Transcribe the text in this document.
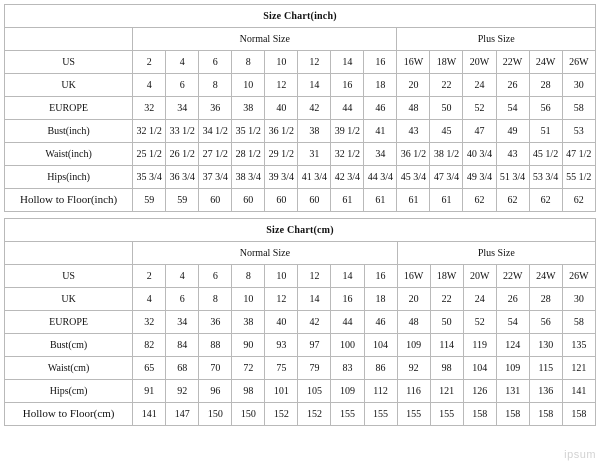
Size Chart(inch)														
	Normal Size								Plus Size					
US	2	4	6	8	10	12	14	16	16W	18W	20W	22W	24W	26W
UK	4	6	8	10	12	14	16	18	20	22	24	26	28	30
EUROPE	32	34	36	38	40	42	44	46	48	50	52	54	56	58
Bust(inch)	32 1/2	33 1/2	34 1/2	35 1/2	36 1/2	38	39 1/2	41	43	45	47	49	51	53
Waist(inch)	25 1/2	26 1/2	27 1/2	28 1/2	29 1/2	31	32 1/2	34	36 1/2	38 1/2	40 3/4	43	45 1/2	47 1/2
Hips(inch)	35 3/4	36 3/4	37 3/4	38 3/4	39 3/4	41 3/4	42 3/4	44 3/4	45 3/4	47 3/4	49 3/4	51 3/4	53 3/4	55 1/2
Hollow to Floor(inch)	59	59	60	60	60	60	61	61	61	61	62	62	62	62
Size Chart(cm)														
	Normal Size								Plus Size					
US	2	4	6	8	10	12	14	16	16W	18W	20W	22W	24W	26W
UK	4	6	8	10	12	14	16	18	20	22	24	26	28	30
EUROPE	32	34	36	38	40	42	44	46	48	50	52	54	56	58
Bust(cm)	82	84	88	90	93	97	100	104	109	114	119	124	130	135
Waist(cm)	65	68	70	72	75	79	83	86	92	98	104	109	115	121
Hips(cm)	91	92	96	98	101	105	109	112	116	121	126	131	136	141
Hollow to Floor(cm)	141	147	150	150	152	152	155	155	155	155	158	158	158	158
ipsum
